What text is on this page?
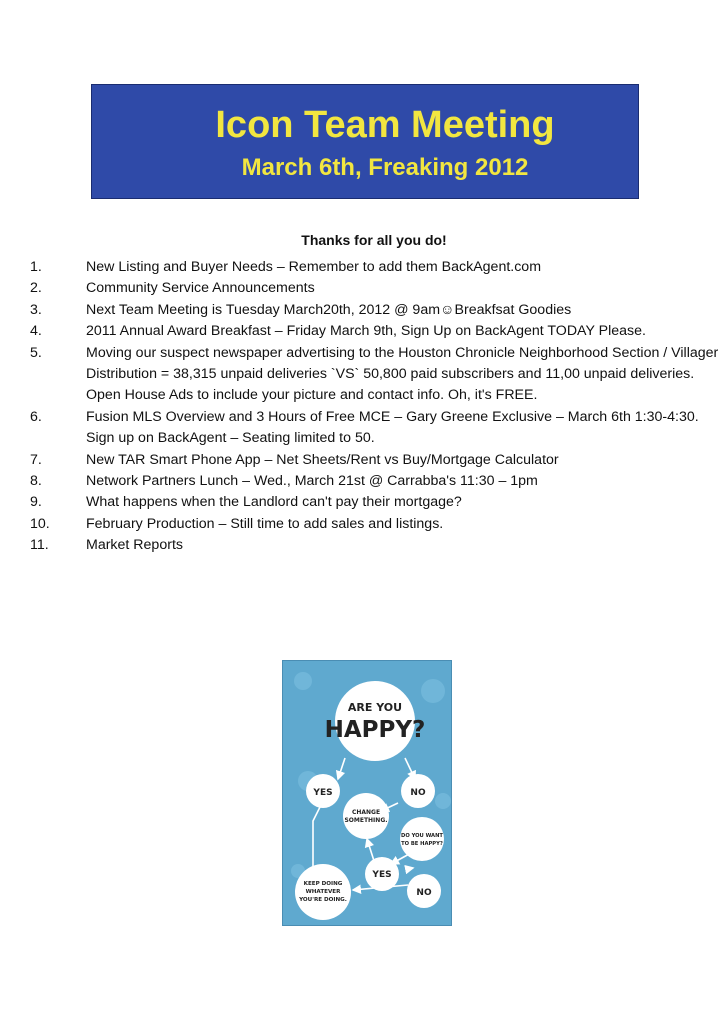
Icon Team Meeting
March 6th, Freaking 2012
Thanks for all you do!
1.	New Listing and Buyer Needs – Remember to add them BackAgent.com
2.	Community Service Announcements
3.	Next Team Meeting is Tuesday March20th, 2012 @ 9am☺Breakfsat Goodies
4.	2011 Annual Award Breakfast – Friday March 9th, Sign Up on BackAgent TODAY Please.
5.	Moving our suspect newspaper advertising to the Houston Chronicle Neighborhood Section / Villager Distribution = 38,315 unpaid deliveries `VS` 50,800 paid subscribers and 11,00 unpaid deliveries. Open House Ads to include your picture and contact info. Oh, it's FREE.
6.	Fusion MLS Overview and 3 Hours of Free MCE – Gary Greene Exclusive – March 6th 1:30-4:30. Sign up on BackAgent – Seating limited to 50.
7.	New TAR Smart Phone App – Net Sheets/Rent vs Buy/Mortgage Calculator
8.	Network Partners Lunch – Wed., March 21st @ Carrabba's 11:30 – 1pm
9.	What happens when the Landlord can't pay their mortgage?
10.	February Production – Still time to add sales and listings.
11.	Market Reports
ARE YOU
HAPPY?
YES	NO
CHANGE
SOMETHING.
DO YOU WANT
TO BE HAPPY?
YES
NO
KEEP DOING
WHATEVER
YOU'RE DOING.
